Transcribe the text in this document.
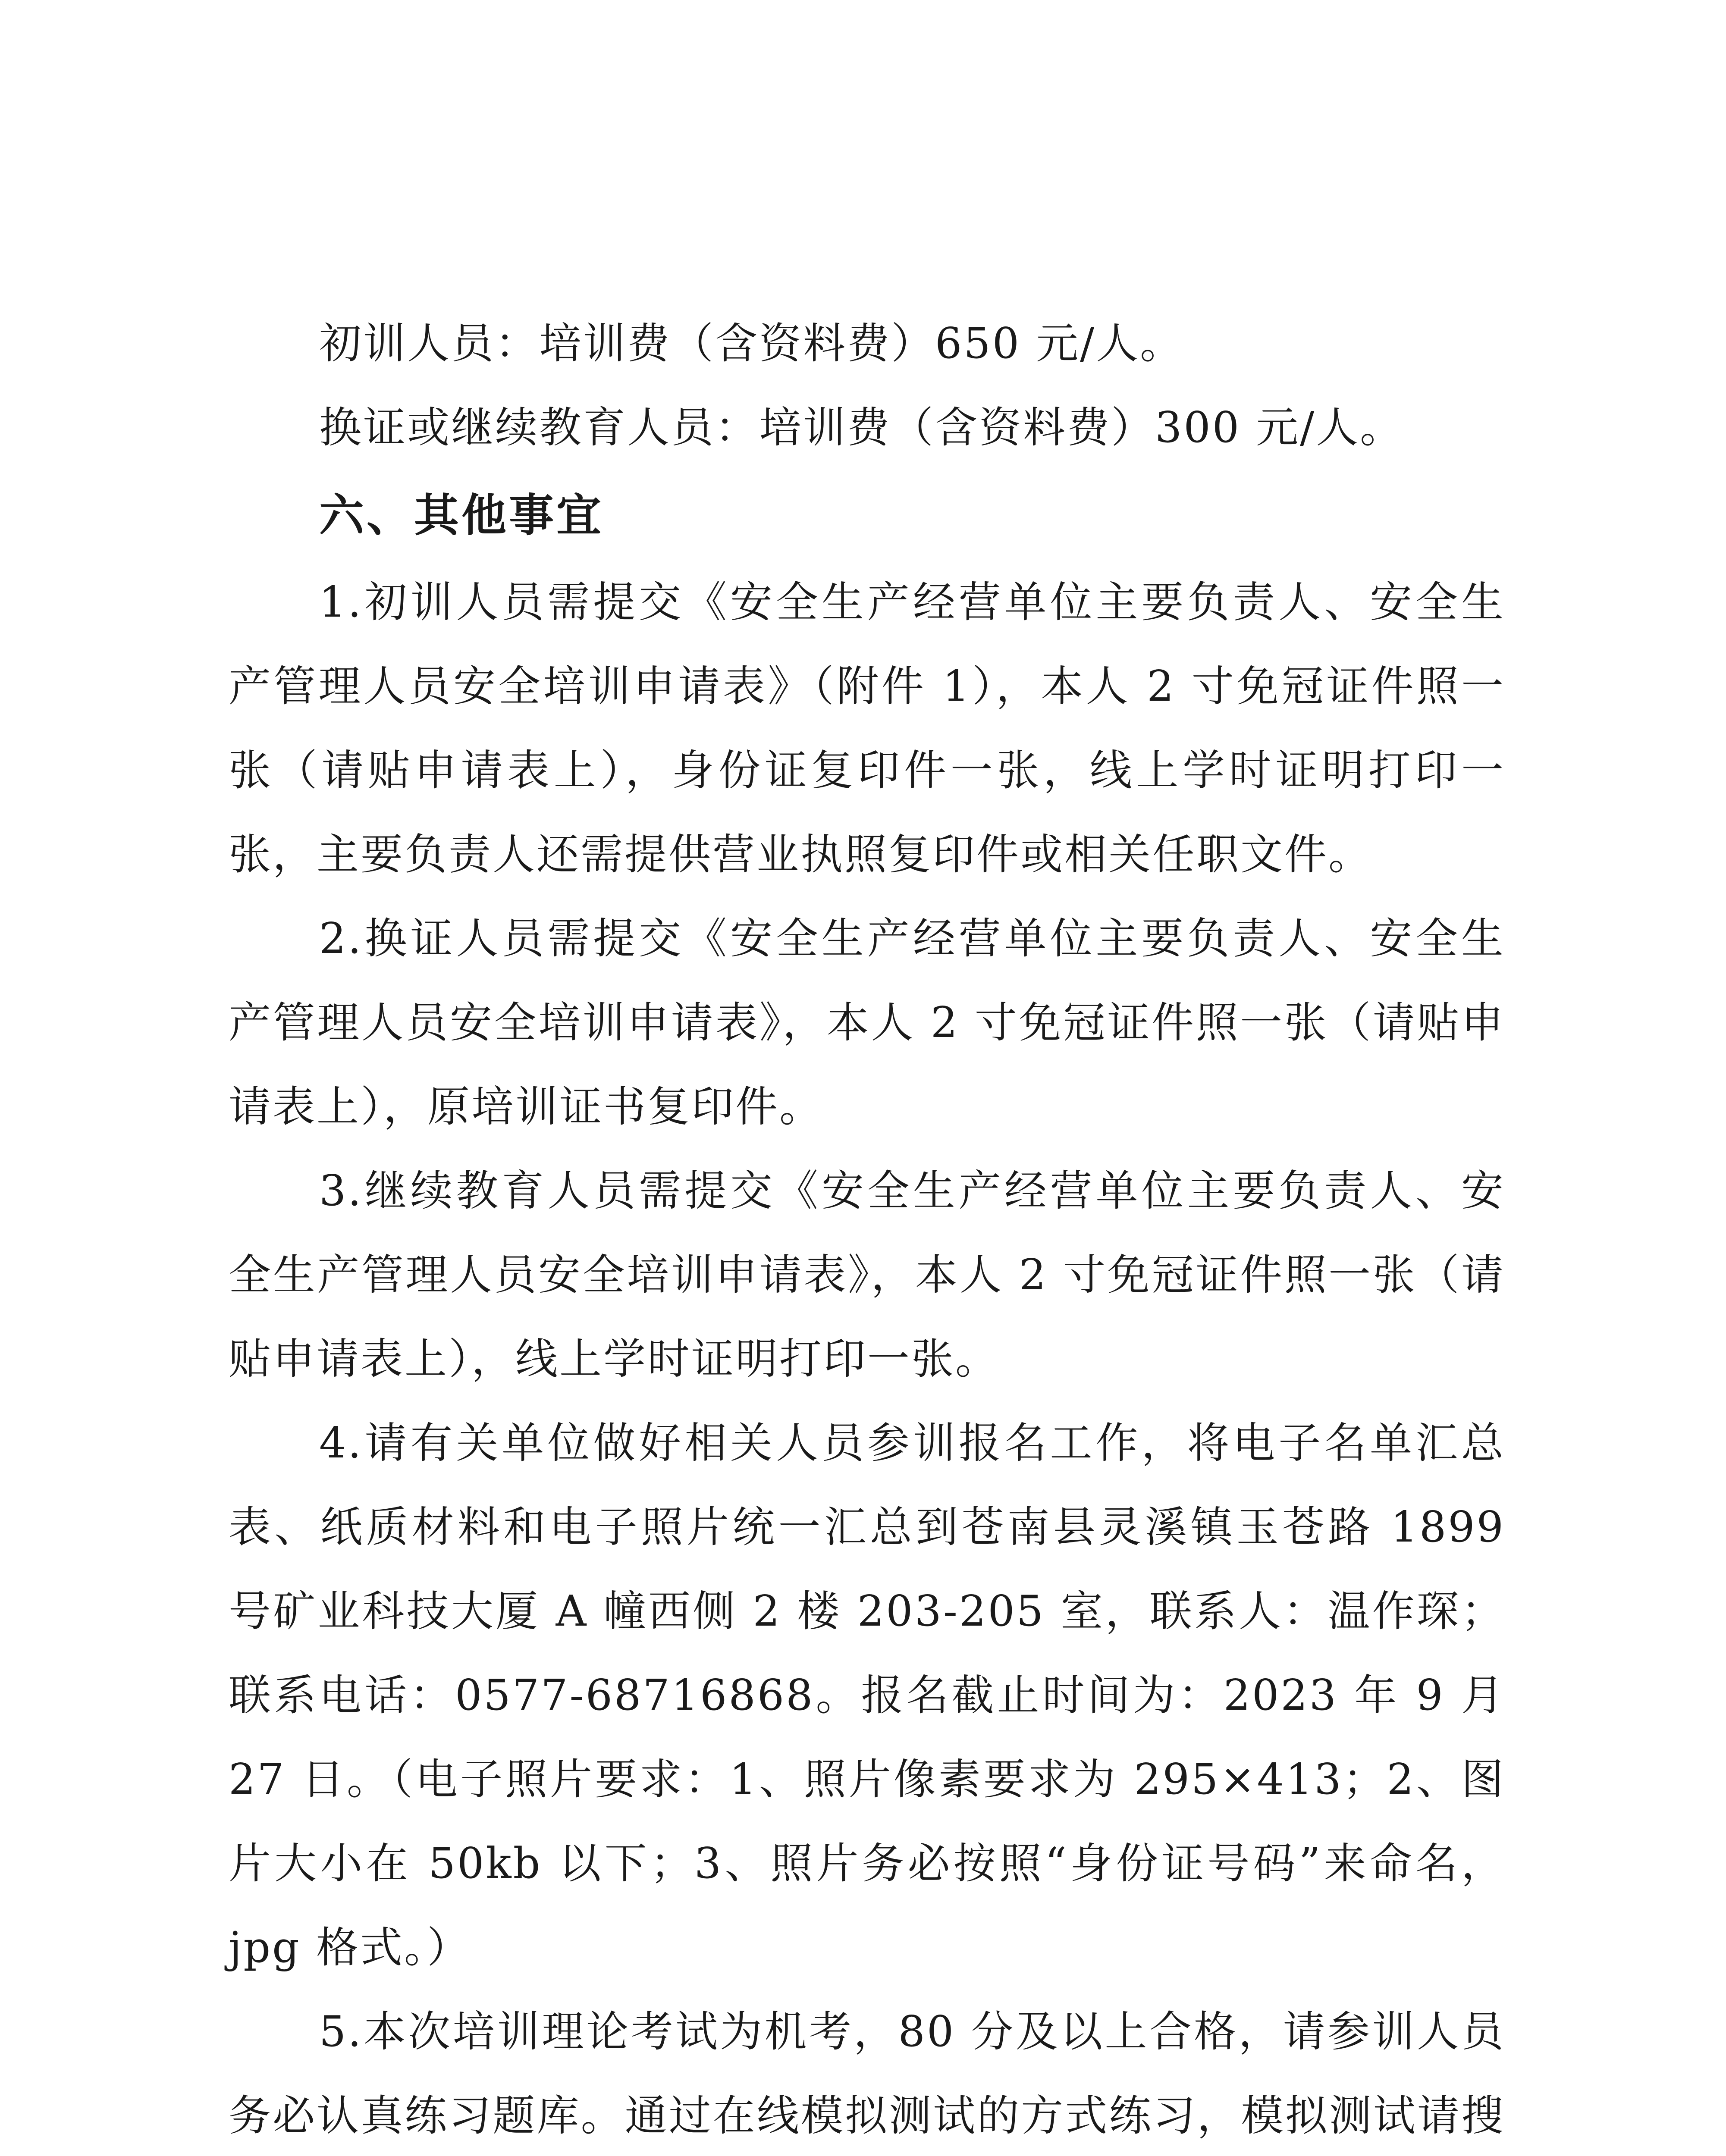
初训人员：培训费（含资料费）650 元/人。

换证或继续教育人员：培训费（含资料费）300 元/人。

六、其他事宜

1.初训人员需提交《安全生产经营单位主要负责人、安全生产管理人员安全培训申请表》（附件 1），本人 2 寸免冠证件照一张（请贴申请表上），身份证复印件一张，线上学时证明打印一张，主要负责人还需提供营业执照复印件或相关任职文件。

2.换证人员需提交《安全生产经营单位主要负责人、安全生产管理人员安全培训申请表》，本人 2 寸免冠证件照一张（请贴申请表上），原培训证书复印件。

3.继续教育人员需提交《安全生产经营单位主要负责人、安全生产管理人员安全培训申请表》，本人 2 寸免冠证件照一张（请贴申请表上），线上学时证明打印一张。

4.请有关单位做好相关人员参训报名工作，将电子名单汇总表、纸质材料和电子照片统一汇总到苍南县灵溪镇玉苍路 1899 号矿业科技大厦 A 幢西侧 2 楼 203-205 室，联系人：温作琛；联系电话：0577-68716868。报名截止时间为：2023 年 9 月 27 日。（电子照片要求：1、照片像素要求为 295×413；2、图片大小在 50kb 以下；3、照片务必按照“身份证号码”来命名，jpg 格式。）

5.本次培训理论考试为机考，80 分及以上合格，请参训人员务必认真练习题库。通过在线模拟测试的方式练习，模拟测试请搜
